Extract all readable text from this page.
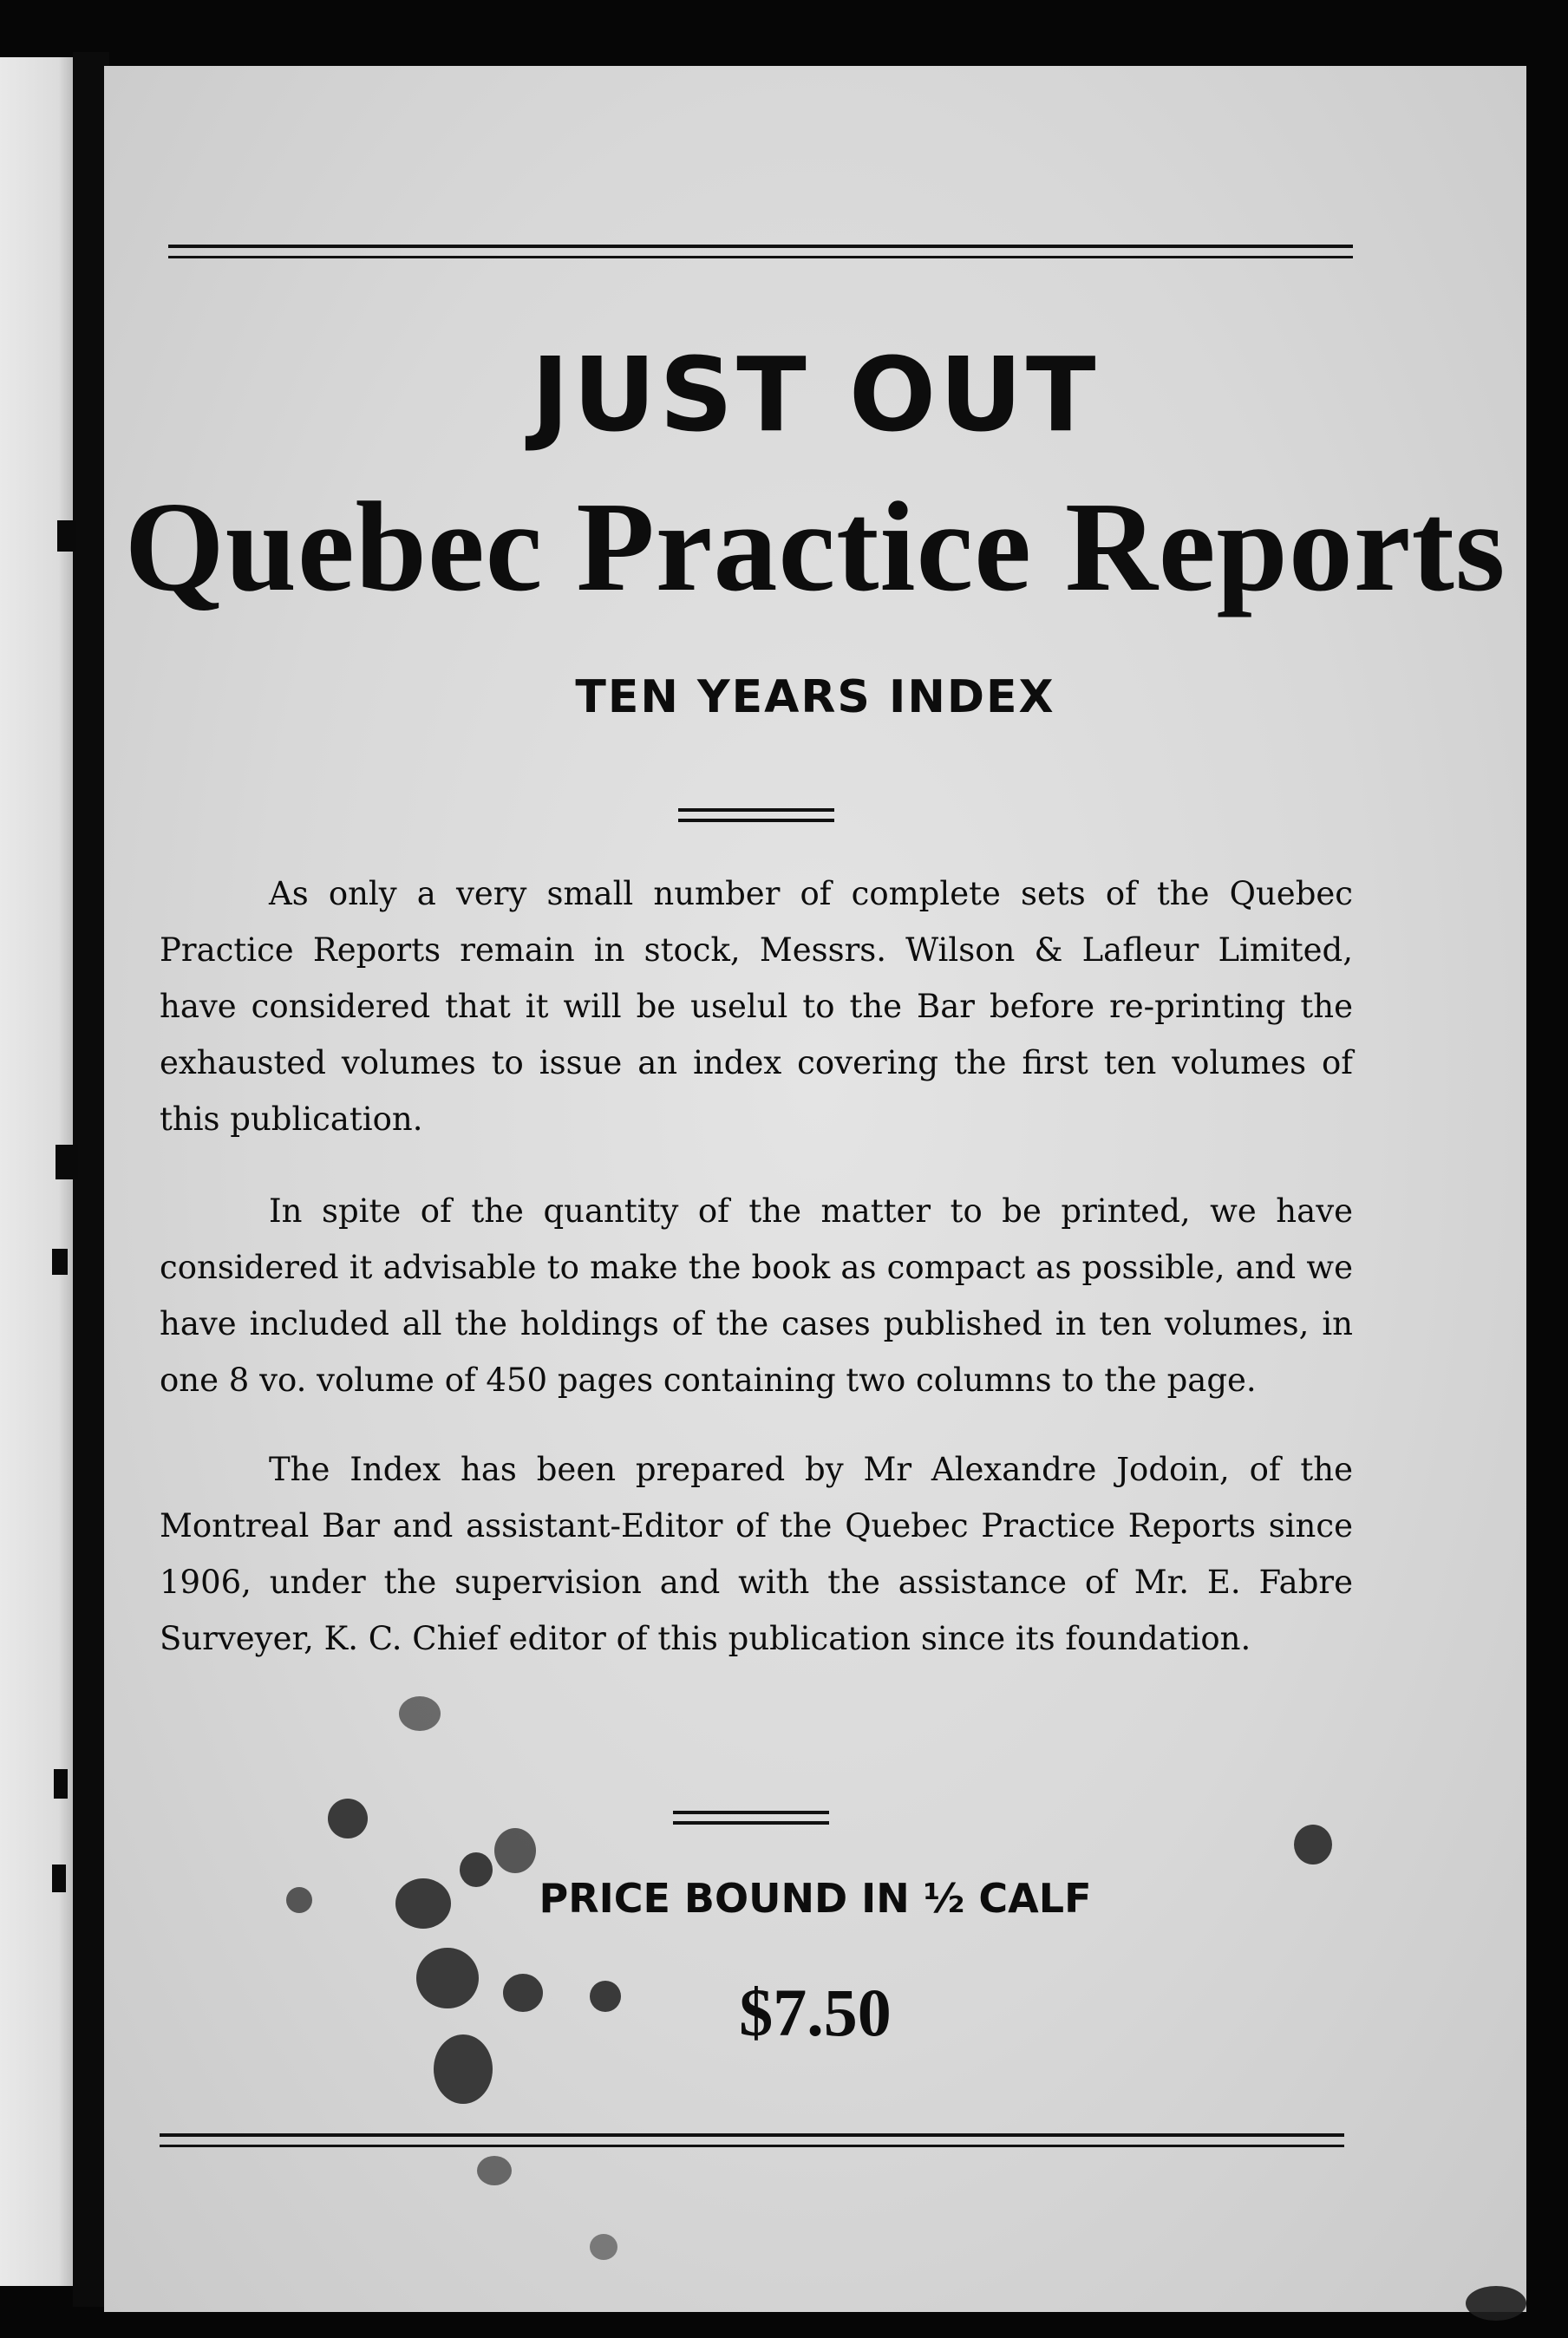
JUST OUT
Quebec Practice Reports
TEN YEARS INDEX

As only a very small number of complete sets of the Quebec Practice Reports remain in stock, Messrs. Wilson & Lafleur Limited, have considered that it will be uselul to the Bar before re-printing the exhausted volumes to issue an index covering the first ten volumes of this publication.

In spite of the quantity of the matter to be printed, we have considered it advisable to make the book as compact as possible, and we have included all the holdings of the cases published in ten volumes, in one 8 vo. volume of 450 pages containing two columns to the page.

The Index has been prepared by Mr Alexandre Jodoin, of the Montreal Bar and assistant-Editor of the Quebec Practice Reports since 1906, under the supervision and with the assistance of Mr. E. Fabre Surveyer, K. C. Chief editor of this publication since its foundation.

PRICE BOUND IN ½ CALF

$7.50
